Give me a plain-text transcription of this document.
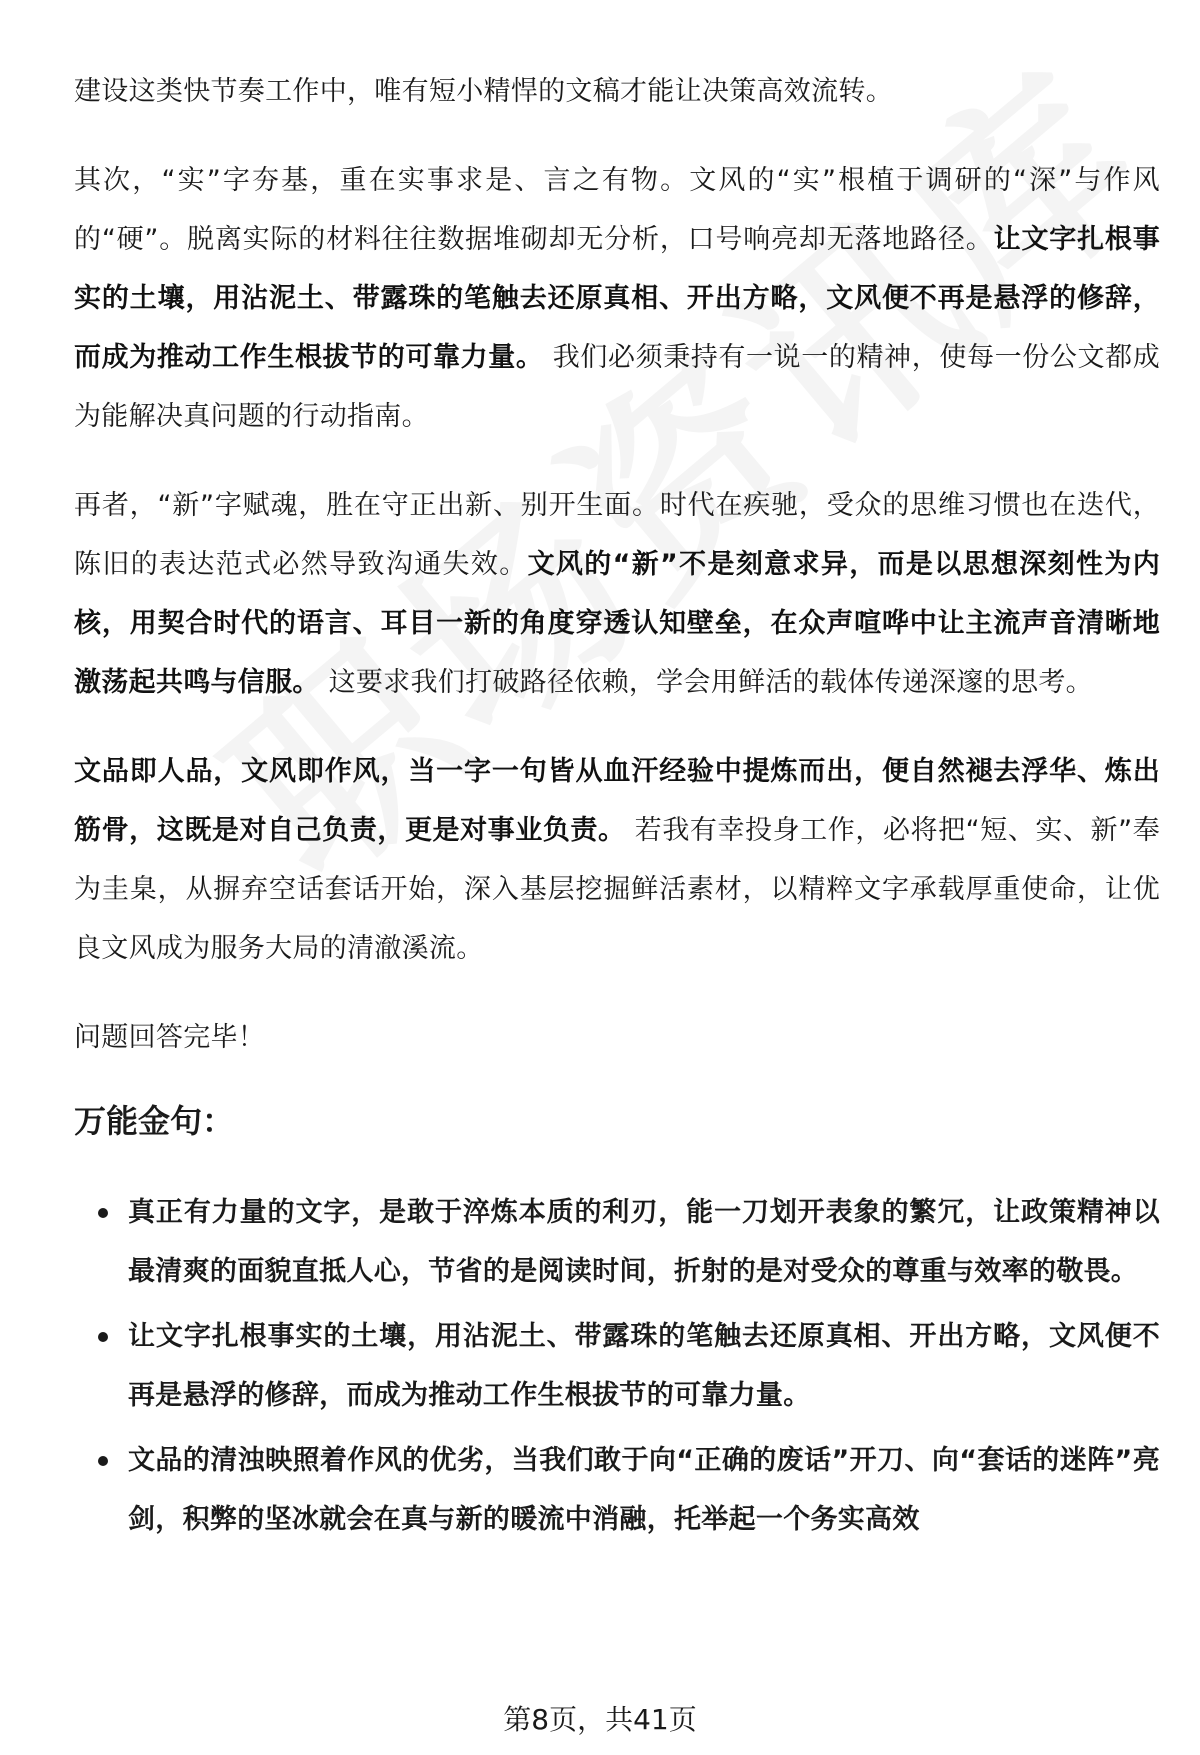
建设这类快节奏工作中，唯有短小精悍的文稿才能让决策高效流转。

其次，“实”字夯基，重在实事求是、言之有物。文风的“实”根植于调研的“深”与作风的“硬”。脱离实际的材料往往数据堆砌却无分析，口号响亮却无落地路径。让文字扎根事实的土壤，用沾泥土、带露珠的笔触去还原真相、开出方略，文风便不再是悬浮的修辞，而成为推动工作生根拔节的可靠力量。 我们必须秉持有一说一的精神，使每一份公文都成为能解决真问题的行动指南。

再者，“新”字赋魂，胜在守正出新、别开生面。时代在疾驰，受众的思维习惯也在迭代，陈旧的表达范式必然导致沟通失效。文风的“新”不是刻意求异，而是以思想深刻性为内核，用契合时代的语言、耳目一新的角度穿透认知壁垒，在众声喧哗中让主流声音清晰地激荡起共鸣与信服。 这要求我们打破路径依赖，学会用鲜活的载体传递深邃的思考。

文品即人品，文风即作风，当一字一句皆从血汗经验中提炼而出，便自然褪去浮华、炼出筋骨，这既是对自己负责，更是对事业负责。 若我有幸投身工作，必将把“短、实、新”奉为圭臬，从摒弃空话套话开始，深入基层挖掘鲜活素材，以精粹文字承载厚重使命，让优良文风成为服务大局的清澈溪流。

问题回答完毕！

万能金句：
真正有力量的文字，是敢于淬炼本质的利刃，能一刀划开表象的繁冗，让政策精神以最清爽的面貌直抵人心，节省的是阅读时间，折射的是对受众的尊重与效率的敬畏。
让文字扎根事实的土壤，用沾泥土、带露珠的笔触去还原真相、开出方略，文风便不再是悬浮的修辞，而成为推动工作生根拔节的可靠力量。
文品的清浊映照着作风的优劣，当我们敢于向“正确的废话”开刀、向“套话的迷阵”亮剑，积弊的坚冰就会在真与新的暖流中消融，托举起一个务实高效
第8页，共41页
